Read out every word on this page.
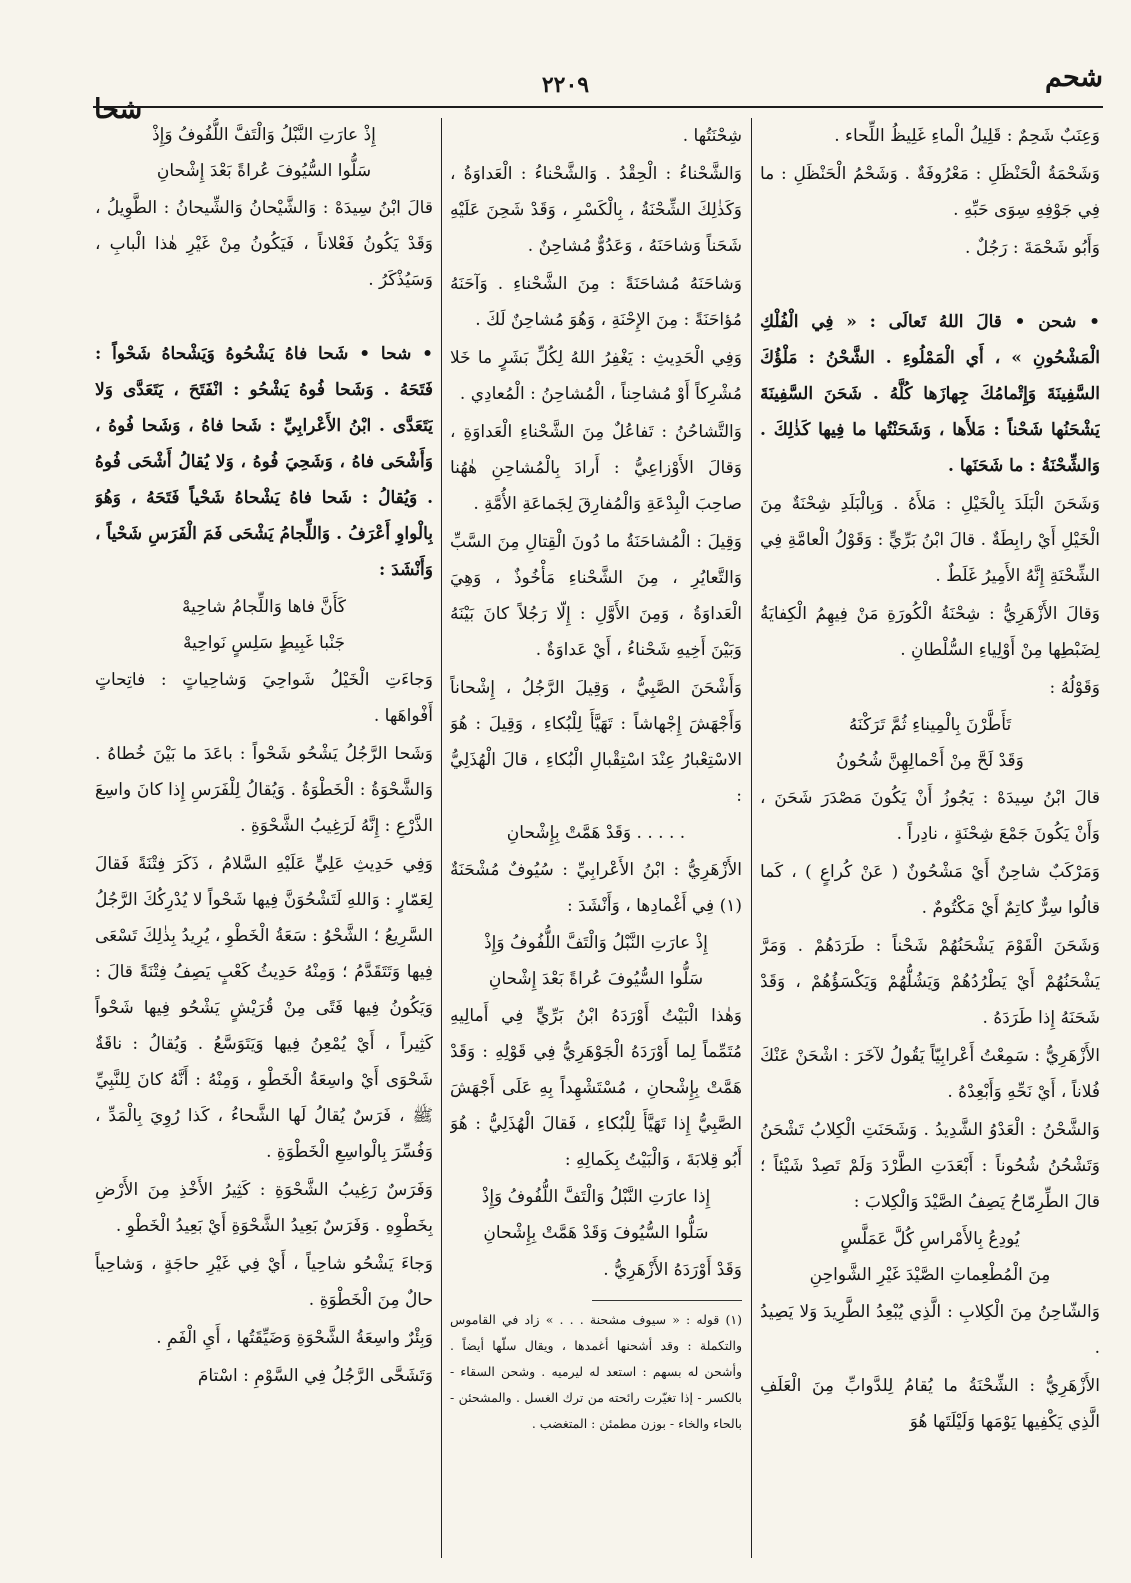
شحم
٢٢٠٩
شحا

وَعِنَبٌ شَحِمٌ : قَلِيلُ الْماءِ غَلِيظُ اللِّحاء .

وَشَحْمَةُ الْحَنْظَلِ : مَعْرُوفَةٌ . وَشَحْمُ الْحَنْظَلِ : ما فِي جَوْفِهِ سِوَى حَبِّهِ .

وَأَبُو شَحْمَةَ : رَجُلٌ .

• شحن • قالَ اللهُ تَعالَى : « فِي الْفُلْكِ الْمَشْحُونِ » ، أَي الْمَمْلُوءِ . الشَّحْنُ : مَلْؤُكَ السَّفِينَةَ وَإِتْمامُكَ جِهازَها كُلَّهُ . شَحَنَ السَّفِينَةَ يَشْحَنُها شَحْناً : مَلأَها ، وَشَحَنْتُها ما فِيها كَذٰلِكَ . وَالشِّحْنَةُ : ما شَحَنَها .

وَشَحَنَ الْبَلَدَ بِالْخَيْلِ : مَلأَهُ . وَبِالْبَلَدِ شِحْنَةٌ مِنَ الْخَيْلِ أَيْ رابِطَةٌ . قالَ ابْنُ بَرِّيٍّ : وَقَوْلُ الْعامَّةِ فِي الشِّحْنَةِ إِنَّهُ الأَمِيرُ غَلَطٌ .

وَقالَ الأَزْهَرِيُّ : شِحْنَةُ الْكُورَةِ مَنْ فِيهِمُ الْكِفايَةُ لِضَبْطِها مِنْ أَوْلِياءِ السُّلْطانِ .

وَقَوْلُهُ :

تَأَطَّرْنَ بِالْمِيناءِ ثُمَّ تَرَكْنَهُ

وَقَدْ لَحَّ مِنْ أَحْمالِهِنَّ شُحُونُ

قالَ ابْنُ سِيدَهْ : يَجُوزُ أَنْ يَكُونَ مَصْدَرَ شَحَنَ ، وَأَنْ يَكُونَ جَمْعَ شِحْنَةٍ ، نادِراً .

وَمَرْكَبٌ شاحِنٌ أَيْ مَشْحُونٌ ( عَنْ كُراعٍ ) ، كَما قالُوا سِرٌّ كاتِمٌ أَيْ مَكْتُومٌ .

وَشَحَنَ الْقَوْمَ يَشْحَنُهُمْ شَحْناً : طَرَدَهُمْ . وَمَرَّ يَشْحَنُهُمْ أَيْ يَطْرُدُهُمْ وَيَشُلُّهُمْ وَيَكْسَؤُهُمْ ، وَقَدْ شَحَنَهُ إِذا طَرَدَهُ .

الأَزْهَرِيُّ : سَمِعْتُ أَعْرابِيّاً يَقُولُ لآخَرَ : اشْحَنْ عَنْكَ فُلاناً ، أَيْ نَحِّهِ وَأَبْعِدْهُ .

وَالشَّحْنُ : الْعَدْوُ الشَّدِيدُ . وَشَحَنَتِ الْكِلابُ تَشْحَنُ وَتَشْحُنُ شُحُوناً : أَبْعَدَتِ الطَّرْدَ وَلَمْ تَصِدْ شَيْئاً ؛ قالَ الطِّرِمّاحُ يَصِفُ الصَّيْدَ وَالْكِلابَ :

يُودِعُ بِالأَمْراسِ كُلَّ عَمَلَّسٍ

مِنَ الْمُطْعِماتِ الصَّيْدَ غَيْرِ الشَّواحِنِ

وَالشّاحِنُ مِنَ الْكِلابِ : الَّذِي يُبْعِدُ الطَّرِيدَ وَلا يَصِيدُ .

الأَزْهَرِيُّ : الشِّحْنَةُ ما يُقامُ لِلدَّوابِّ مِنَ الْعَلَفِ الَّذِي يَكْفِيها يَوْمَها وَلَيْلَتَها هُوَ

شِحْنَتُها .

وَالشَّحْناءُ : الْحِقْدُ . وَالشَّحْناءُ : الْعَداوَةُ ، وَكَذٰلِكَ الشِّحْنَةُ ، بِالْكَسْرِ ، وَقَدْ شَحِنَ عَلَيْهِ شَحَناً وَشاحَنَهُ ، وَعَدُوٌّ مُشاحِنٌ .

وَشاحَنَهُ مُشاحَنَةً : مِنَ الشَّحْناءِ . وَآحَنَهُ مُؤاحَنَةً : مِنَ الإِحْنَةِ ، وَهُوَ مُشاحِنٌ لَكَ .

وَفِي الْحَدِيثِ : يَغْفِرُ اللهُ لِكُلِّ بَشَرٍ ما خَلا مُشْرِكاً أَوْ مُشاحِناً ، الْمُشاحِنُ : الْمُعادِي .

وَالتَّشاحُنُ : تَفاعُلٌ مِنَ الشَّحْناءِ الْعَداوَةِ ، وَقالَ الأَوْزاعِيُّ : أَرادَ بِالْمُشاحِنِ هٰهُنا صاحِبَ الْبِدْعَةِ وَالْمُفارِقَ لِجَماعَةِ الأُمَّةِ .

وَقِيلَ : الْمُشاحَنَةُ ما دُونَ الْقِتالِ مِنَ السَّبِّ وَالتَّعايُرِ ، مِنَ الشَّحْناءِ مَأْخُوذٌ ، وَهِيَ الْعَداوَةُ ، وَمِنَ الأَوَّلِ : إِلّا رَجُلاً كانَ بَيْنَهُ وَبَيْنَ أَخِيهِ شَحْناءُ ، أَيْ عَداوَةٌ .

وَأَشْحَنَ الصَّبِيُّ ، وَقِيلَ الرَّجُلُ ، إِشْحاناً وَأَجْهَشَ إِجْهاشاً : تَهَيَّأَ لِلْبُكاءِ ، وَقِيلَ : هُوَ الاسْتِعْبارُ عِنْدَ اسْتِقْبالِ الْبُكاءِ ، قالَ الْهُذَلِيُّ :

. . . . . وَقَدْ هَمَّتْ بِإِشْحانِ

الأَزْهَرِيُّ : ابْنُ الأَعْرابِيِّ : سُيُوفٌ مُشْحَنَةٌ (١) فِي أَغْمادِها ، وَأَنْشَدَ :

إِذْ عارَتِ النَّبْلُ وَالْتَفَّ اللُّفُوفُ وَإِذْ

سَلُّوا السُّيُوفَ عُراةً بَعْدَ إِشْحانِ

وَهٰذا الْبَيْتُ أَوْرَدَهُ ابْنُ بَرِّيٍّ فِي أَمالِيهِ مُتَمِّماً لِما أَوْرَدَهُ الْجَوْهَرِيُّ فِي قَوْلِهِ : وَقَدْ هَمَّتْ بِإِشْحانِ ، مُسْتَشْهِداً بِهِ عَلَى أَجْهَشَ الصَّبِيُّ إِذا تَهَيَّأَ لِلْبُكاءِ ، فَقالَ الْهُذَلِيُّ : هُوَ أَبُو قِلابَةَ ، وَالْبَيْتُ بِكَمالِهِ :

إِذا عارَتِ النَّبْلُ وَالْتَفَّ اللُّفُوفُ وَإِذْ

سَلُّوا السُّيُوفَ وَقَدْ هَمَّتْ بِإِشْحانِ

وَقَدْ أَوْرَدَهُ الأَزْهَرِيُّ .

(١) قوله : « سيوف مشحنة . . . » زاد في القاموس والتكملة : وقد أشحنها أغمدها ، ويقال سلّها أيضاً . وأشحن له بسهم : استعد له ليرميه . وشحن السقاء - بالكسر - إذا تغيّرت رائحته من ترك الغسل . والمشحئن - بالحاء والخاء - بوزن مطمئن : المتغضب .

إِذْ عارَتِ النَّبْلُ وَالْتَفَّ اللُّفُوفُ وَإِذْ

سَلُّوا السُّيُوفَ عُراةً بَعْدَ إِشْحانِ

قالَ ابْنُ سِيدَهْ : وَالشَّيْحانُ وَالشِّيحانُ : الطَّوِيلُ ، وَقَدْ يَكُونُ فَعْلاناً ، فَيَكُونُ مِنْ غَيْرِ هٰذا الْبابِ ، وَسَيُذْكَرُ .

• شحا • شَحا فاهُ يَشْحُوهُ وَيَشْحاهُ شَحْواً : فَتَحَهُ . وَشَحا فُوهُ يَشْحُو : انْفَتَحَ ، يَتَعَدَّى وَلا يَتَعَدَّى . ابْنُ الأَعْرابِيِّ : شَحا فاهُ ، وَشَحا فُوهُ ، وَأَشْحَى فاهُ ، وَشَحِيَ فُوهُ ، وَلا يُقالُ أَشْحَى فُوهُ . وَيُقالُ : شَحا فاهُ يَشْحاهُ شَحْياً فَتَحَهُ ، وَهُوَ بِالْواوِ أَعْرَفُ . وَاللِّجامُ يَشْحَى فَمَ الْفَرَسِ شَحْياً ، وَأَنْشَدَ :

كَأَنَّ فاها وَاللِّجامُ شاحِيهْ

جَنْبا غَبِيطٍ سَلِسٍ نَواحِيهْ

وَجاءَتِ الْخَيْلُ شَواحِيَ وَشاحِياتٍ : فاتِحاتٍ أَفْواهَها .

وَشَحا الرَّجُلُ يَشْحُو شَحْواً : باعَدَ ما بَيْنَ خُطاهُ . وَالشَّحْوَةُ : الْخَطْوَةُ . وَيُقالُ لِلْفَرَسِ إِذا كانَ واسِعَ الذَّرْعِ : إِنَّهُ لَرَغِيبُ الشَّحْوَةِ .

وَفِي حَدِيثِ عَلِيٍّ عَلَيْهِ السَّلامُ ، ذَكَرَ فِتْنَةً فَقالَ لِعَمّارٍ : وَاللهِ لَتَشْحُوَنَّ فِيها شَحْواً لا يُدْرِكُكَ الرَّجُلُ السَّرِيعُ ؛ الشَّحْوُ : سَعَةُ الْخَطْوِ ، يُرِيدُ بِذٰلِكَ تَسْعَى فِيها وَتَتَقَدَّمُ ؛ وَمِنْهُ حَدِيثُ كَعْبٍ يَصِفُ فِتْنَةً قالَ : وَيَكُونُ فِيها فَتًى مِنْ قُرَيْشٍ يَشْحُو فِيها شَحْواً كَثِيراً ، أَيْ يُمْعِنُ فِيها وَيَتَوَسَّعُ . وَيُقالُ : ناقَةٌ شَحْوَى أَيْ واسِعَةُ الْخَطْوِ ، وَمِنْهُ : أَنَّهُ كانَ لِلنَّبِيِّ ﷺ ، فَرَسٌ يُقالُ لَها الشَّحاءُ ، كَذا رُوِيَ بِالْمَدِّ ، وَفُسِّرَ بِالْواسِعِ الْخَطْوَةِ .

وَفَرَسٌ رَغِيبُ الشَّحْوَةِ : كَثِيرُ الأَخْذِ مِنَ الأَرْضِ بِخَطْوِهِ . وَفَرَسٌ بَعِيدُ الشَّحْوَةِ أَيْ بَعِيدُ الْخَطْوِ .

وَجاءَ يَشْحُو شاحِياً ، أَيْ فِي غَيْرِ حاجَةٍ ، وَشاحِياً حالٌ مِنَ الْخَطْوَةِ .

وَبِئْرٌ واسِعَةُ الشَّحْوَةِ وَضَيِّقَتُها ، أَيِ الْفَمِ .

وَتَشَحَّى الرَّجُلُ فِي السَّوْمِ : اسْتامَ
